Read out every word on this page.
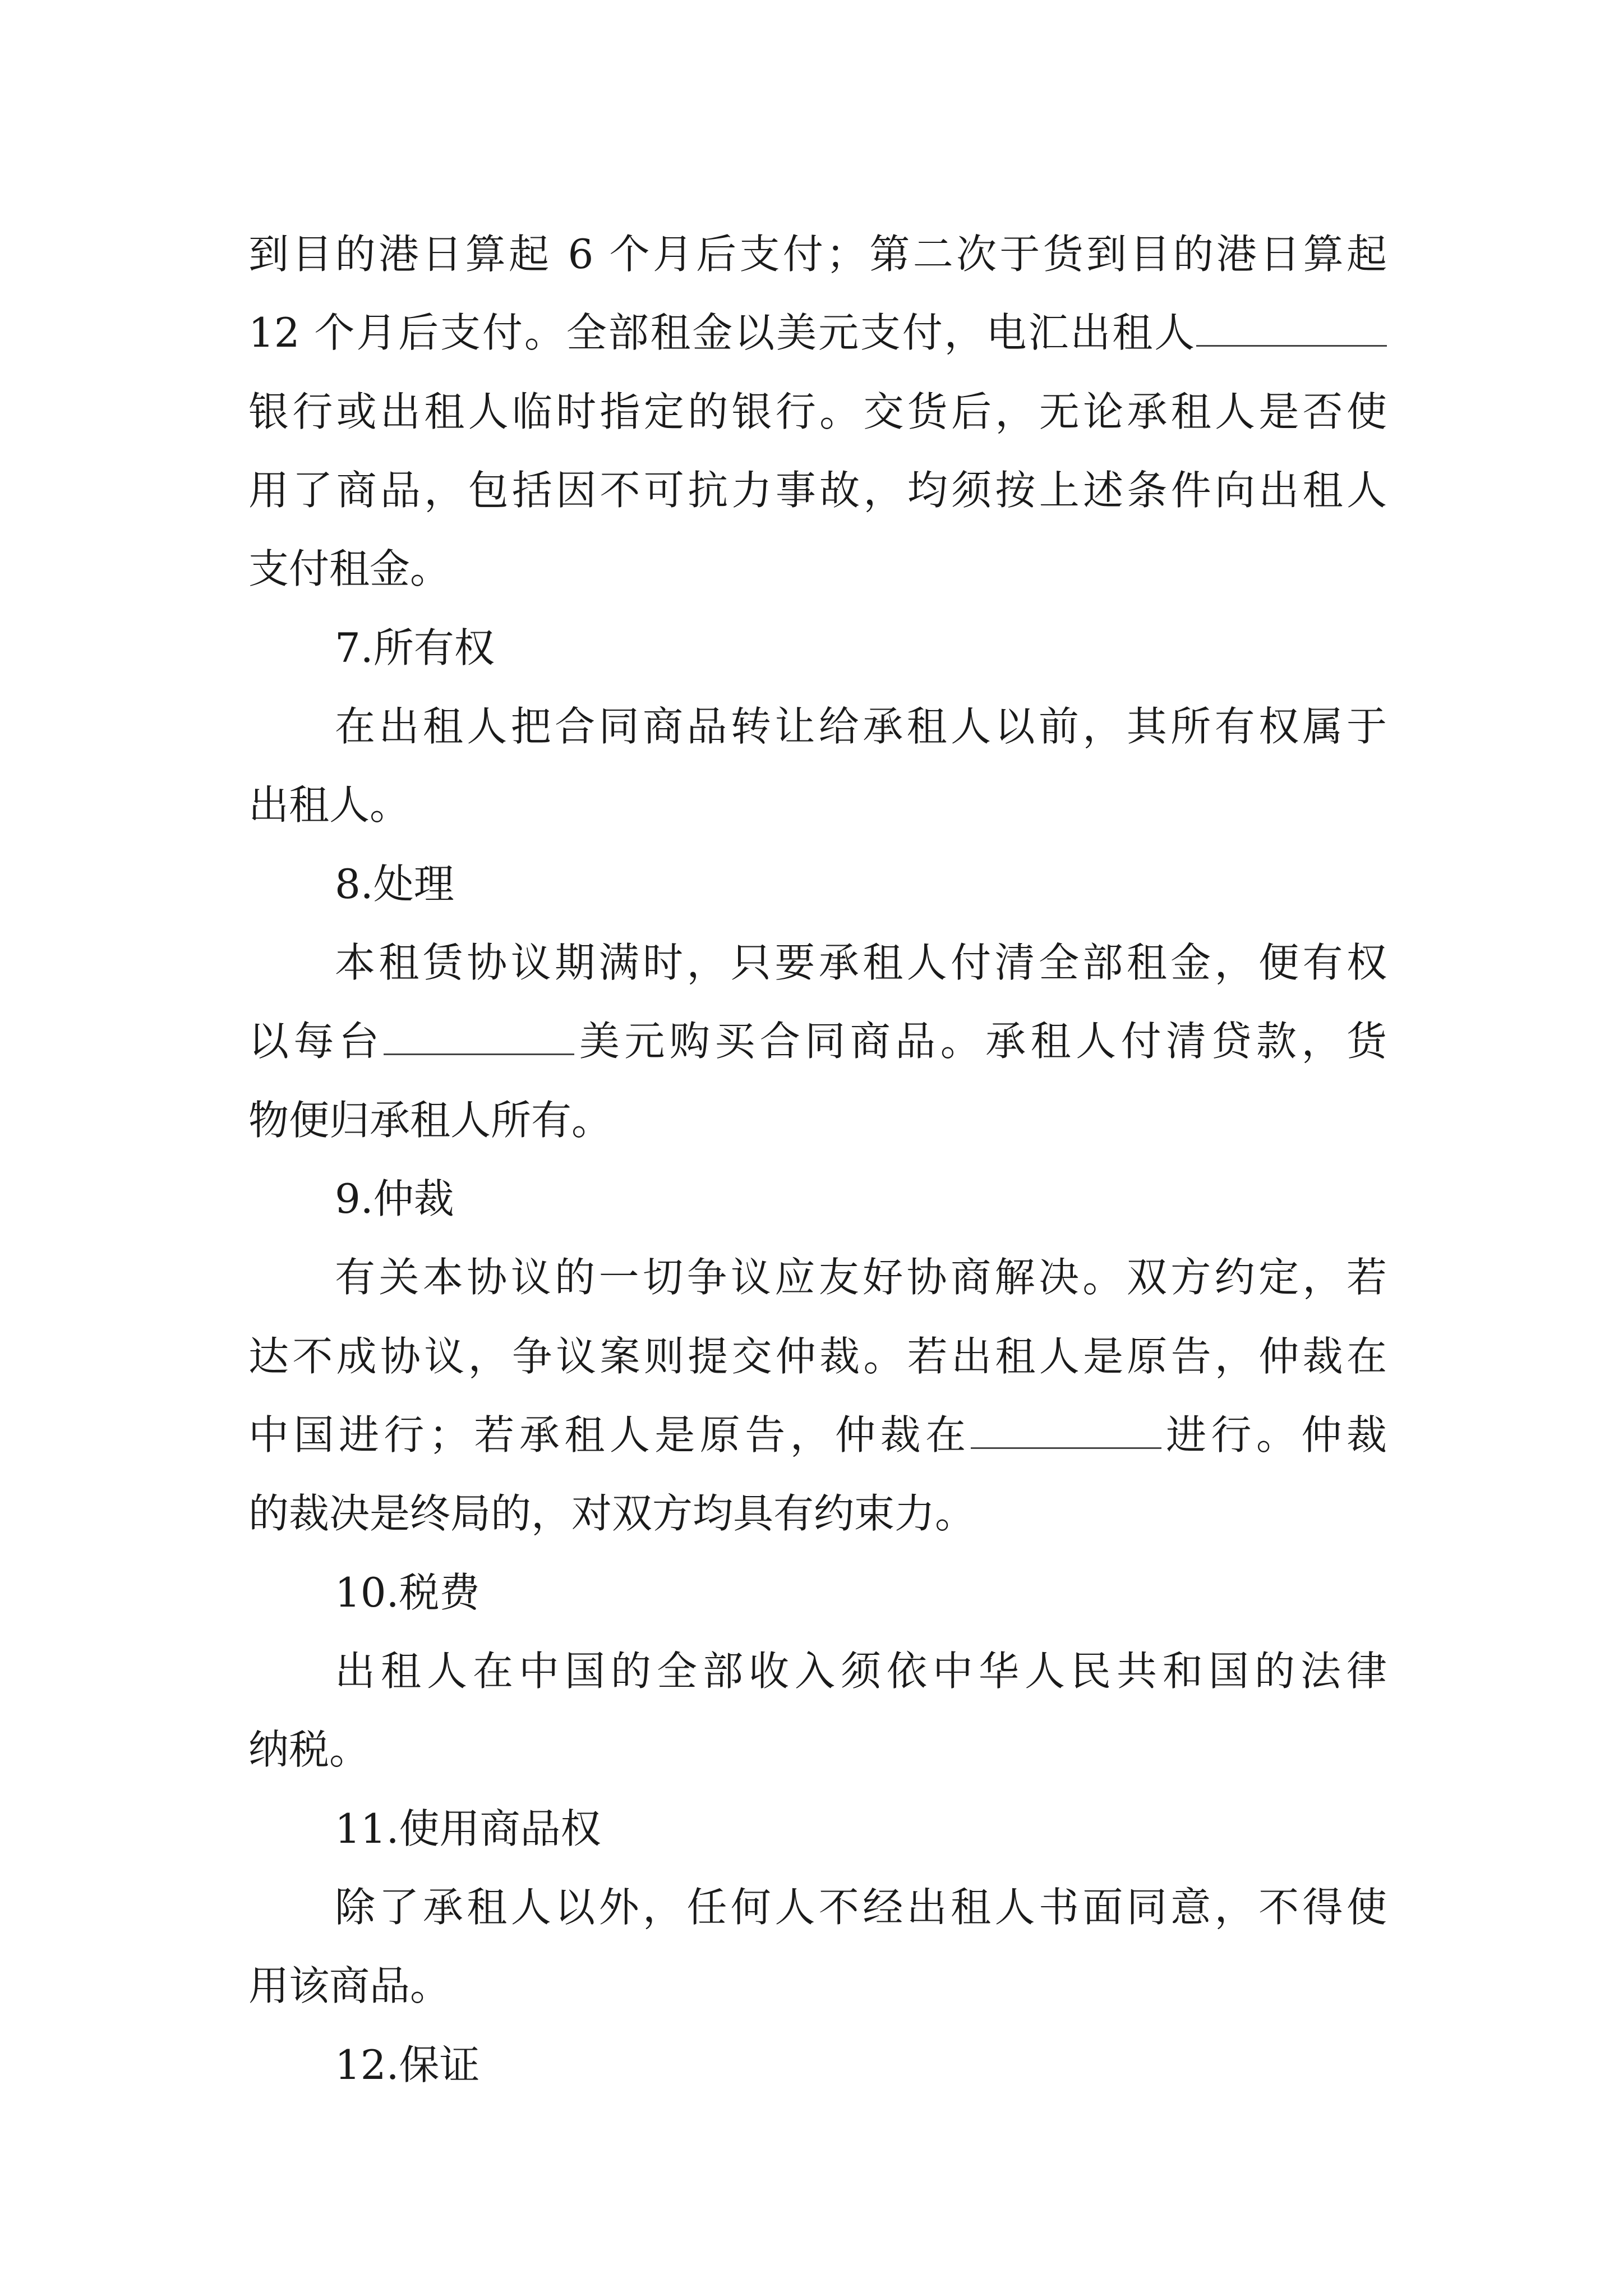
到目的港日算起 6 个月后支付；第二次于货到目的港日算起
12 个月后支付。全部租金以美元支付，电汇出租人
银行或出租人临时指定的银行。交货后，无论承租人是否使
用了商品，包括因不可抗力事故，均须按上述条件向出租人
支付租金。
7.所有权
在出租人把合同商品转让给承租人以前，其所有权属于
出租人。
8.处理
本租赁协议期满时，只要承租人付清全部租金，便有权
以每台	美元购买合同商品。承租人付清贷款，货
物便归承租人所有。
9.仲裁
有关本协议的一切争议应友好协商解决。双方约定，若
达不成协议，争议案则提交仲裁。若出租人是原告，仲裁在
中国进行；若承租人是原告，仲裁在	进行。仲裁
的裁决是终局的，对双方均具有约束力。
10.税费
出租人在中国的全部收入须依中华人民共和国的法律
纳税。
11.使用商品权
除了承租人以外，任何人不经出租人书面同意，不得使
用该商品。
12.保证
